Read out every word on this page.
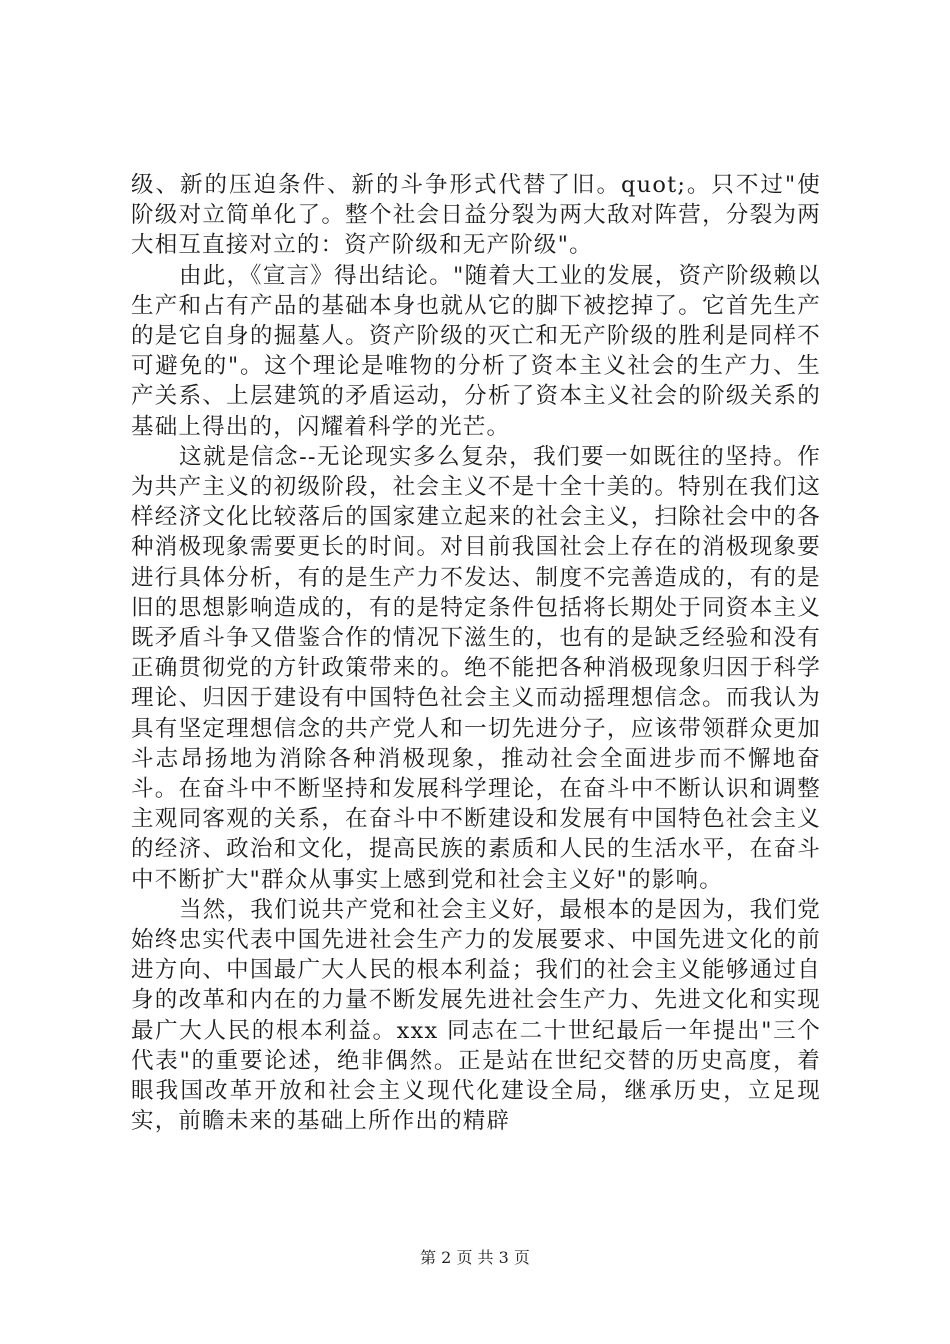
级、新的压迫条件、新的斗争形式代替了旧。quot;。只不过"使阶级对立简单化了。整个社会日益分裂为两大敌对阵营，分裂为两大相互直接对立的：资产阶级和无产阶级"。

由此，《宣言》得出结论。"随着大工业的发展，资产阶级赖以生产和占有产品的基础本身也就从它的脚下被挖掉了。它首先生产的是它自身的掘墓人。资产阶级的灭亡和无产阶级的胜利是同样不可避免的"。这个理论是唯物的分析了资本主义社会的生产力、生产关系、上层建筑的矛盾运动，分析了资本主义社会的阶级关系的基础上得出的，闪耀着科学的光芒。

这就是信念--无论现实多么复杂，我们要一如既往的坚持。作为共产主义的初级阶段，社会主义不是十全十美的。特别在我们这样经济文化比较落后的国家建立起来的社会主义，扫除社会中的各种消极现象需要更长的时间。对目前我国社会上存在的消极现象要进行具体分析，有的是生产力不发达、制度不完善造成的，有的是旧的思想影响造成的，有的是特定条件包括将长期处于同资本主义既矛盾斗争又借鉴合作的情况下滋生的，也有的是缺乏经验和没有正确贯彻党的方针政策带来的。绝不能把各种消极现象归因于科学理论、归因于建设有中国特色社会主义而动摇理想信念。而我认为具有坚定理想信念的共产党人和一切先进分子，应该带领群众更加斗志昂扬地为消除各种消极现象，推动社会全面进步而不懈地奋斗。在奋斗中不断坚持和发展科学理论，在奋斗中不断认识和调整主观同客观的关系，在奋斗中不断建设和发展有中国特色社会主义的经济、政治和文化，提高民族的素质和人民的生活水平，在奋斗中不断扩大"群众从事实上感到党和社会主义好"的影响。

当然，我们说共产党和社会主义好，最根本的是因为，我们党始终忠实代表中国先进社会生产力的发展要求、中国先进文化的前进方向、中国最广大人民的根本利益；我们的社会主义能够通过自身的改革和内在的力量不断发展先进社会生产力、先进文化和实现最广大人民的根本利益。xxx 同志在二十世纪最后一年提出"三个代表"的重要论述，绝非偶然。正是站在世纪交替的历史高度，着眼我国改革开放和社会主义现代化建设全局，继承历史，立足现实，前瞻未来的基础上所作出的精辟

第 2 页 共 3 页
